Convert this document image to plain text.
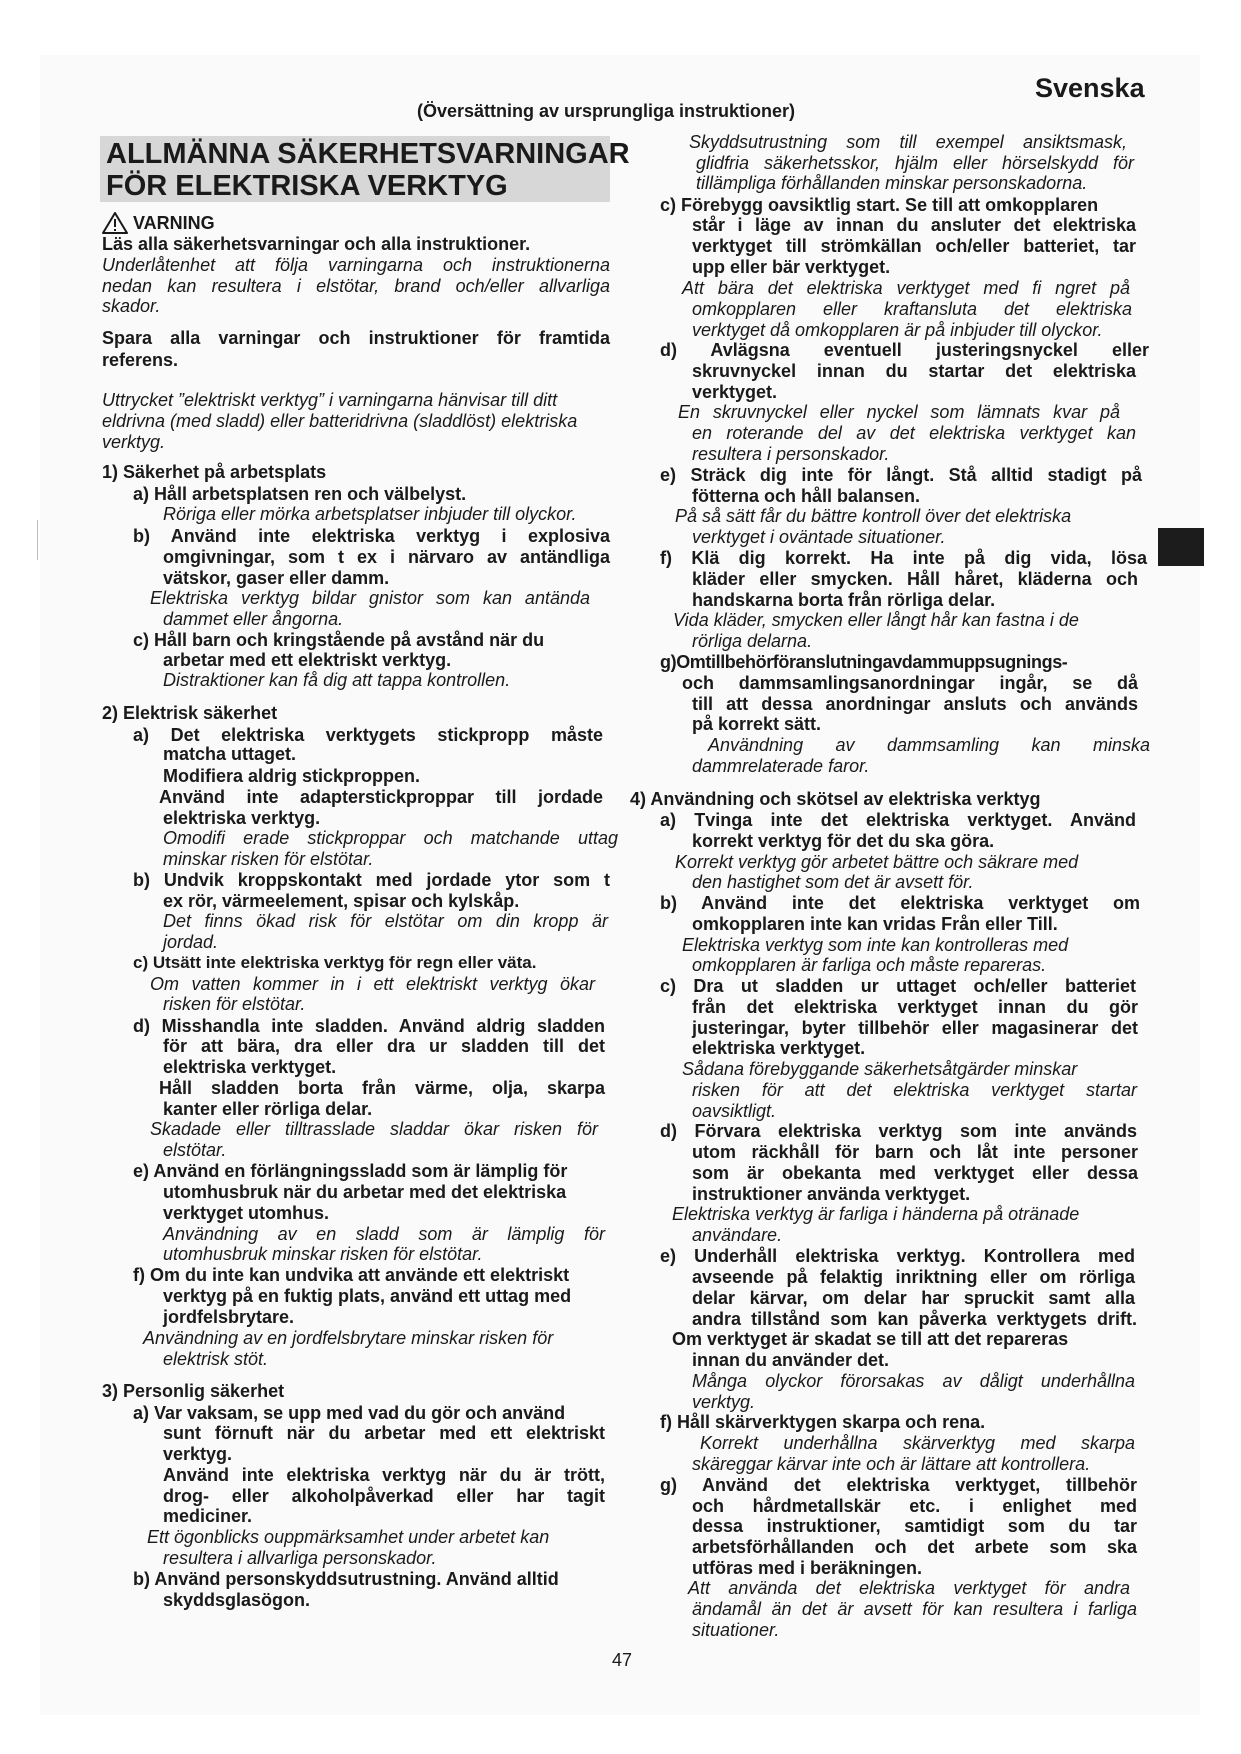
Svenska
(Översättning av ursprungliga instruktioner)
ALLMÄNNA SÄKERHETSVARNINGAR
FÖR ELEKTRISKA VERKTYG
VARNING
Läs alla säkerhetsvarningar och alla instruktioner.
Underlåtenhet att följa varningarna och instruktionerna
nedan kan resultera i elstötar, brand och/eller allvarliga
skador.
Spara alla varningar och instruktioner för framtida
referens.
Uttrycket ”elektriskt verktyg” i varningarna hänvisar till ditt
eldrivna (med sladd) eller batteridrivna (sladdlöst) elektriska
verktyg.
1) Säkerhet på arbetsplats
a) Håll arbetsplatsen ren och välbelyst.
Röriga eller mörka arbetsplatser inbjuder till olyckor.
b) Använd inte elektriska verktyg i explosiva
omgivningar, som t ex i närvaro av antändliga
vätskor, gaser eller damm.
Elektriska verktyg bildar gnistor som kan antända
dammet eller ångorna.
c) Håll barn och kringstående på avstånd när du
arbetar med ett elektriskt verktyg.
Distraktioner kan få dig att tappa kontrollen.
2) Elektrisk säkerhet
a) Det elektriska verktygets stickpropp måste
matcha uttaget.
Modifiera aldrig stickproppen.
Använd inte adapterstickproppar till jordade
elektriska verktyg.
Omodifi erade stickproppar och matchande uttag
minskar risken för elstötar.
b) Undvik kroppskontakt med jordade ytor som t
ex rör, värmeelement, spisar och kylskåp.
Det finns ökad risk för elstötar om din kropp är
jordad.
c) Utsätt inte elektriska verktyg för regn eller väta.
Om vatten kommer in i ett elektriskt verktyg ökar
risken för elstötar.
d) Misshandla inte sladden. Använd aldrig sladden
för att bära, dra eller dra ur sladden till det
elektriska verktyget.
Håll sladden borta från värme, olja, skarpa
kanter eller rörliga delar.
Skadade eller tilltrasslade sladdar ökar risken för
elstötar.
e) Använd en förlängningssladd som är lämplig för
utomhusbruk när du arbetar med det elektriska
verktyget utomhus.
Användning av en sladd som är lämplig för
utomhusbruk minskar risken för elstötar.
f) Om du inte kan undvika att använde ett elektriskt
verktyg på en fuktig plats, använd ett uttag med
jordfelsbrytare.
Användning av en jordfelsbrytare minskar risken för
elektrisk stöt.
3) Personlig säkerhet
a) Var vaksam, se upp med vad du gör och använd
sunt förnuft när du arbetar med ett elektriskt
verktyg.
Använd inte elektriska verktyg när du är trött,
drog- eller alkoholpåverkad eller har tagit
mediciner.
Ett ögonblicks ouppmärksamhet under arbetet kan
resultera i allvarliga personskador.
b) Använd personskyddsutrustning. Använd alltid
skyddsglasögon.
Skyddsutrustning som till exempel ansiktsmask,
glidfria säkerhetsskor, hjälm eller hörselskydd för
tillämpliga förhållanden minskar personskadorna.
c) Förebygg oavsiktlig start. Se till att omkopplaren
står i läge av innan du ansluter det elektriska
verktyget till strömkällan och/eller batteriet, tar
upp eller bär verktyget.
Att bära det elektriska verktyget med fi ngret på
omkopplaren eller kraftansluta det elektriska
verktyget då omkopplaren är på inbjuder till olyckor.
d) Avlägsna eventuell justeringsnyckel eller
skruvnyckel innan du startar det elektriska
verktyget.
En skruvnyckel eller nyckel som lämnats kvar på
en roterande del av det elektriska verktyget kan
resultera i personskador.
e) Sträck dig inte för långt. Stå alltid stadigt på
fötterna och håll balansen.
På så sätt får du bättre kontroll över det elektriska
verktyget i oväntade situationer.
f) Klä dig korrekt. Ha inte på dig vida, lösa
kläder eller smycken. Håll håret, kläderna och
handskarna borta från rörliga delar.
Vida kläder, smycken eller långt hår kan fastna i de
rörliga delarna.
g)Omtillbehörföranslutningavdammuppsugnings-
och dammsamlingsanordningar ingår, se då
till att dessa anordningar ansluts och används
på korrekt sätt.
Användning av dammsamling kan minska
dammrelaterade faror.
4) Användning och skötsel av elektriska verktyg
a) Tvinga inte det elektriska verktyget. Använd
korrekt verktyg för det du ska göra.
Korrekt verktyg gör arbetet bättre och säkrare med
den hastighet som det är avsett för.
b) Använd inte det elektriska verktyget om
omkopplaren inte kan vridas Från eller Till.
Elektriska verktyg som inte kan kontrolleras med
omkopplaren är farliga och måste repareras.
c) Dra ut sladden ur uttaget och/eller batteriet
från det elektriska verktyget innan du gör
justeringar, byter tillbehör eller magasinerar det
elektriska verktyget.
Sådana förebyggande säkerhetsåtgärder minskar
risken för att det elektriska verktyget startar
oavsiktligt.
d) Förvara elektriska verktyg som inte används
utom räckhåll för barn och låt inte personer
som är obekanta med verktyget eller dessa
instruktioner använda verktyget.
Elektriska verktyg är farliga i händerna på otränade
användare.
e) Underhåll elektriska verktyg. Kontrollera med
avseende på felaktig inriktning eller om rörliga
delar kärvar, om delar har spruckit samt alla
andra tillstånd som kan påverka verktygets drift.
Om verktyget är skadat se till att det repareras
innan du använder det.
Många olyckor förorsakas av dåligt underhållna
verktyg.
f) Håll skärverktygen skarpa och rena.
Korrekt underhållna skärverktyg med skarpa
skäreggar kärvar inte och är lättare att kontrollera.
g) Använd det elektriska verktyget, tillbehör
och hårdmetallskär etc. i enlighet med
dessa instruktioner, samtidigt som du tar
arbetsförhållanden och det arbete som ska
utföras med i beräkningen.
Att använda det elektriska verktyget för andra
ändamål än det är avsett för kan resultera i farliga
situationer.
47
